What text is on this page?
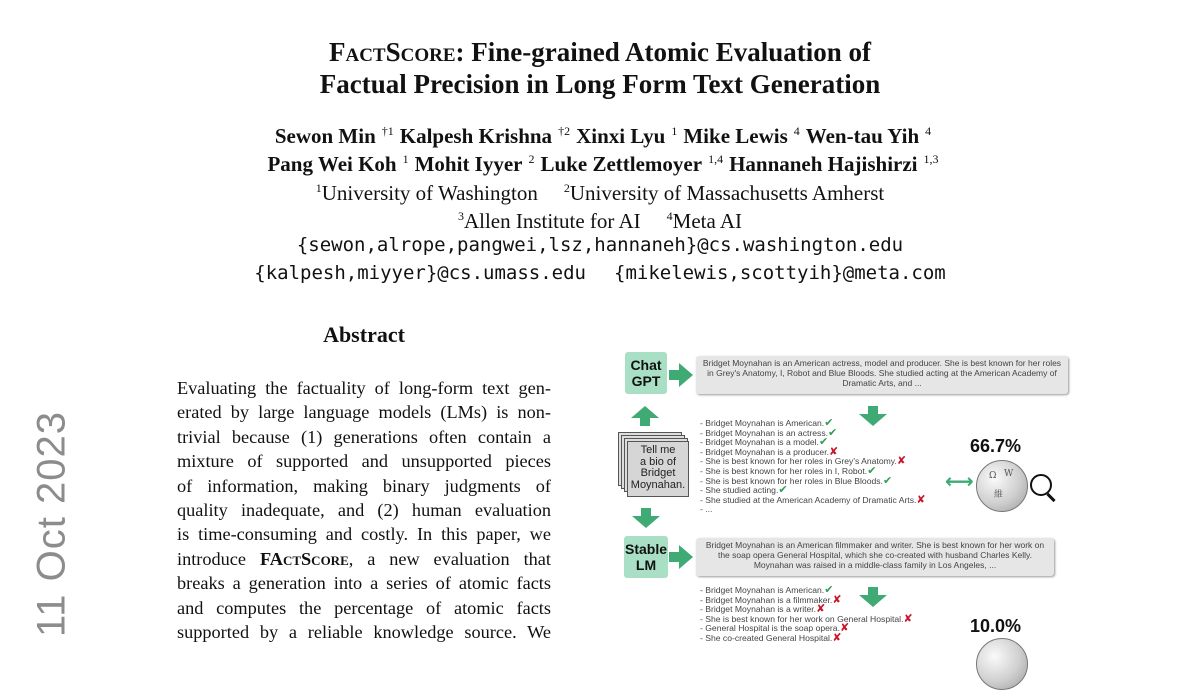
FactScore: Fine-grained Atomic Evaluation of
Factual Precision in Long Form Text Generation
Sewon Min $^{\dagger 1}$ Kalpesh Krishna $^{\dagger 2}$ Xinxi Lyu $^1$ Mike Lewis $^4$ Wen-tau Yih $^4$
Pang Wei Koh $^1$ Mohit Iyyer $^2$ Luke Zettlemoyer $^{1,4}$ Hannaneh Hajishirzi $^{1,3}$
$^1$University of Washington $^2$University of Massachusetts Amherst
$^3$Allen Institute for AI $^4$Meta AI
{sewon,alrope,pangwei,lsz,hannaneh}@cs.washington.edu
{kalpesh,miyyer}@cs.umass.edu {mikelewis,scottyih}@meta.com
11 Oct 2023
Abstract
Evaluating the factuality of long-form text gen-
erated by large language models (LMs) is non-
trivial because (1) generations often contain a
mixture of supported and unsupported pieces
of information, making binary judgments of
quality inadequate, and (2) human evaluation
is time-consuming and costly. In this paper, we
introduce FActScore, a new evaluation that
breaks a generation into a series of atomic facts
and computes the percentage of atomic facts
supported by a reliable knowledge source. We
Chat
GPT
Bridget Moynahan is an American actress, model and producer. She is best known for her roles in Grey's Anatomy, I, Robot and Blue Bloods. She studied acting at the American Academy of Dramatic Arts, and ...
Tell me
a bio of
Bridget
Moynahan.
- Bridget Moynahan is American.✔
- Bridget Moynahan is an actress.✔
- Bridget Moynahan is a model.✔
- Bridget Moynahan is a producer.✘
- She is best known for her roles in Grey's Anatomy.✘
- She is best known for her roles in I, Robot.✔
- She is best known for her roles in Blue Bloods.✔
- She studied acting.✔
- She studied at the American Academy of Dramatic Arts.✘
- ...
66.7%
⟷ Ω W
維
Stable
LM
Bridget Moynahan is an American filmmaker and writer. She is best known for her work on the soap opera General Hospital, which she co-created with husband Charles Kelly. Moynahan was raised in a middle-class family in Los Angeles, ...
- Bridget Moynahan is American.✔
- Bridget Moynahan is a filmmaker.✘
- Bridget Moynahan is a writer.✘
- She is best known for her work on General Hospital.✘
- General Hospital is the soap opera.✘
- She co-created General Hospital.✘
10.0%
